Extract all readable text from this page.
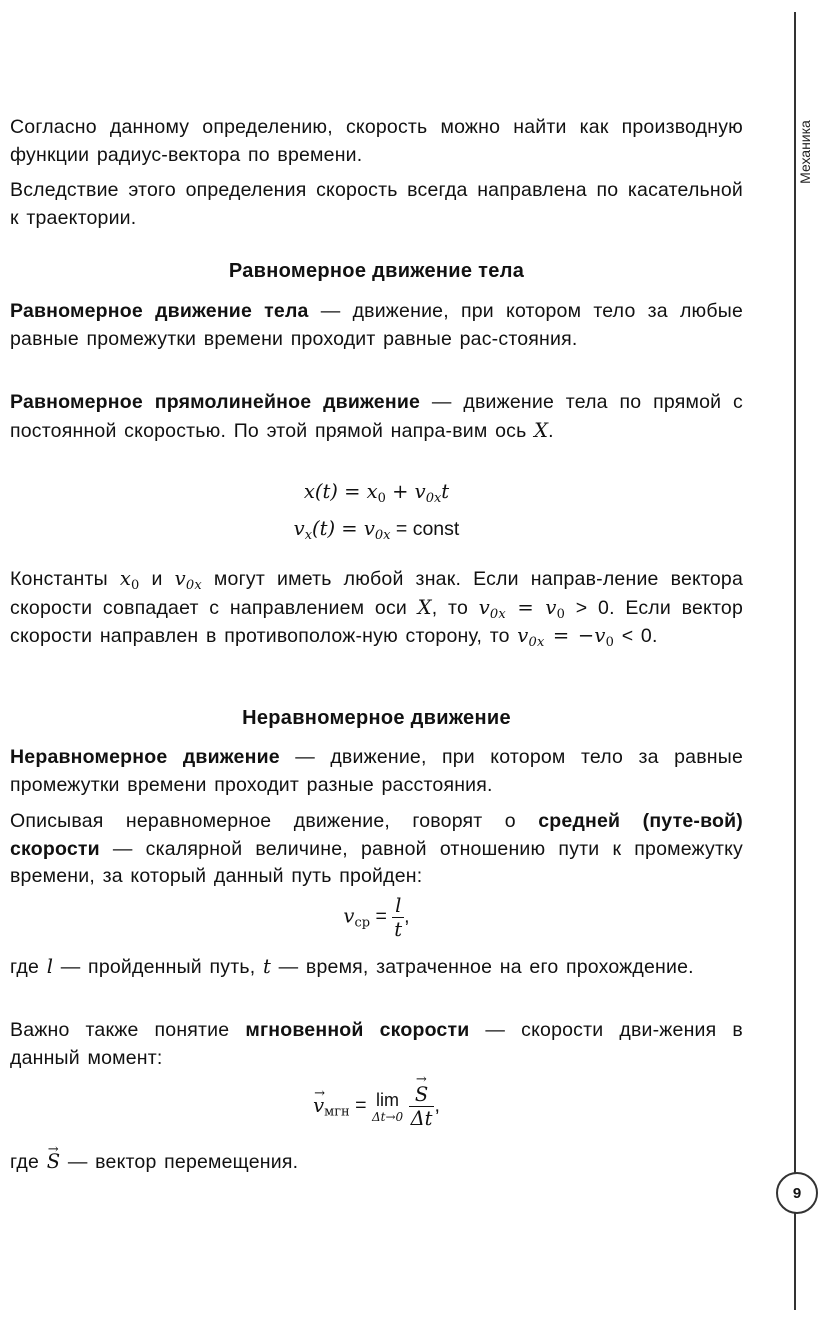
Механика
9

Согласно данному определению, скорость можно найти как производную функции радиус-вектора по времени.

Вследствие этого определения скорость всегда направлена по касательной к траектории.

Равномерное движение тела

Равномерное движение тела — движение, при котором тело за любые равные промежутки времени проходит равные рас-стояния.

Равномерное прямолинейное движение — движение тела по прямой с постоянной скоростью. По этой прямой напра-вим ось X.

$x(t) = x_0 + v_{0x}t$
$v_x(t) = v_{0x}$ = const

Константы $x_0$ и $v_{0x}$ могут иметь любой знак. Если направ-ление вектора скорости совпадает с направлением оси X, то $v_{0x} = v_0 > 0$. Если вектор скорости направлен в противополож-ную сторону, то $v_{0x} = -v_0 < 0$.

Неравномерное движение

Неравномерное движение — движение, при котором тело за равные промежутки времени проходит разные расстояния.

Описывая неравномерное движение, говорят о средней (путе-вой) скорости — скалярной величине, равной отношению пути к промежутку времени, за который данный путь пройден:

$v_{ср} = \frac{l}{t}$ ,

где l — пройденный путь, t — время, затраченное на его прохождение.

Важно также понятие мгновенной скорости — скорости дви-жения в данный момент:

→ $v_{мгн} = \lim$
Δt→0

→ $\frac{S}{\Delta t}$ ,

где → S — вектор перемещения.
